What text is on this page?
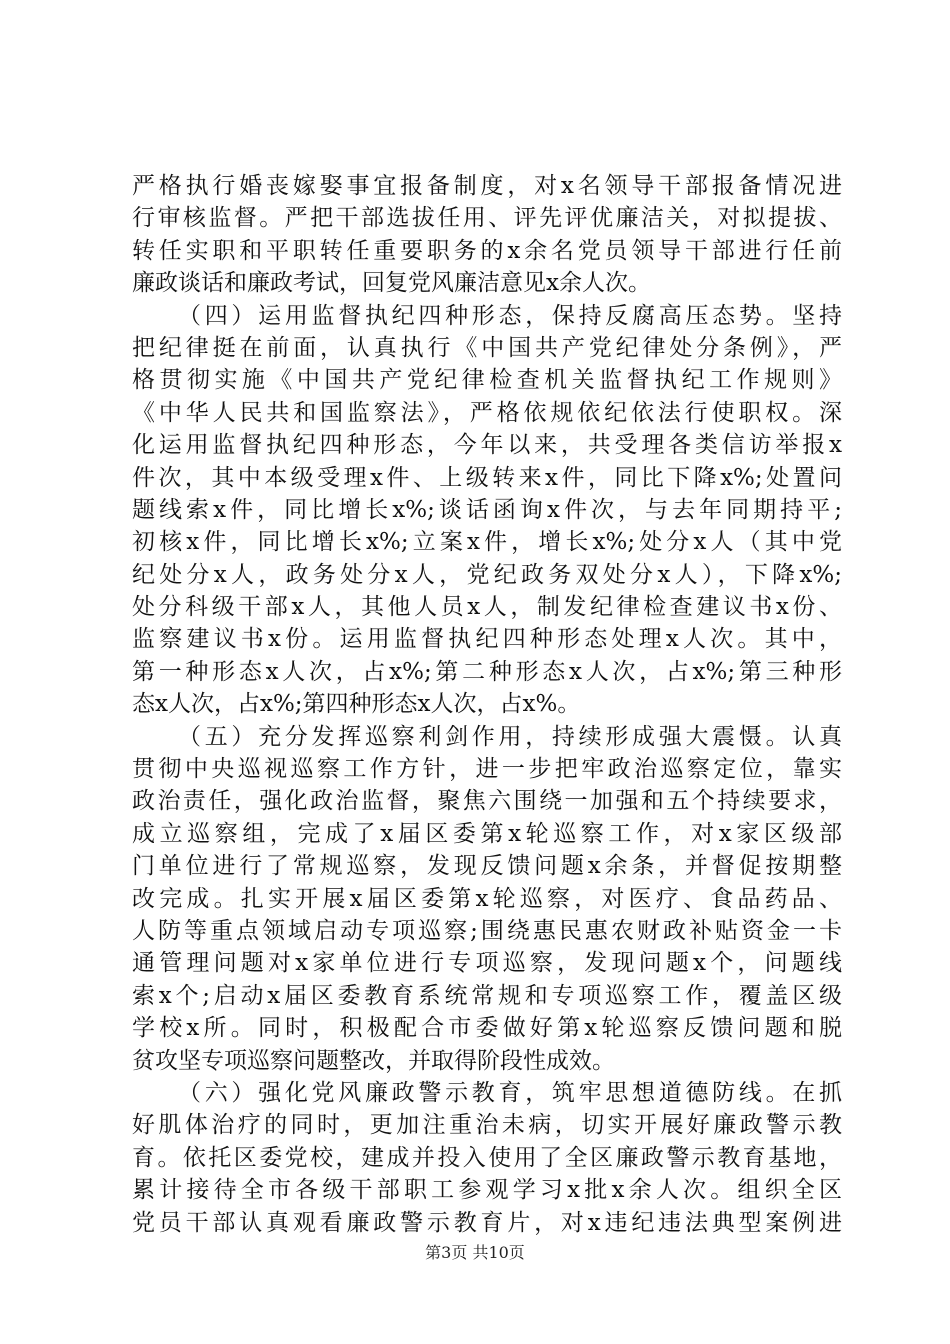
严格执行婚丧嫁娶事宜报备制度，对x名领导干部报备情况进
行审核监督。严把干部选拔任用、评先评优廉洁关，对拟提拔、
转任实职和平职转任重要职务的x余名党员领导干部进行任前
廉政谈话和廉政考试，回复党风廉洁意见x余人次。
（四）运用监督执纪四种形态，保持反腐高压态势。坚持
把纪律挺在前面，认真执行《中国共产党纪律处分条例》，严
格贯彻实施《中国共产党纪律检查机关监督执纪工作规则》
《中华人民共和国监察法》，严格依规依纪依法行使职权。深
化运用监督执纪四种形态，今年以来，共受理各类信访举报x
件次，其中本级受理x件、上级转来x件，同比下降x%;处置问
题线索x件，同比增长x%;谈话函询x件次，与去年同期持平;
初核x件，同比增长x%;立案x件，增长x%;处分x人（其中党
纪处分x人，政务处分x人，党纪政务双处分x人），下降x%;
处分科级干部x人，其他人员x人，制发纪律检查建议书x份、
监察建议书x份。运用监督执纪四种形态处理x人次。其中，
第一种形态x人次，占x%;第二种形态x人次，占x%;第三种形
态x人次，占x%;第四种形态x人次，占x%。
（五）充分发挥巡察利剑作用，持续形成强大震慑。认真
贯彻中央巡视巡察工作方针，进一步把牢政治巡察定位，靠实
政治责任，强化政治监督，聚焦六围绕一加强和五个持续要求，
成立巡察组，完成了x届区委第x轮巡察工作，对x家区级部
门单位进行了常规巡察，发现反馈问题x余条，并督促按期整
改完成。扎实开展x届区委第x轮巡察，对医疗、食品药品、
人防等重点领域启动专项巡察;围绕惠民惠农财政补贴资金一卡
通管理问题对x家单位进行专项巡察，发现问题x个，问题线
索x个;启动x届区委教育系统常规和专项巡察工作，覆盖区级
学校x所。同时，积极配合市委做好第x轮巡察反馈问题和脱
贫攻坚专项巡察问题整改，并取得阶段性成效。
（六）强化党风廉政警示教育，筑牢思想道德防线。在抓
好肌体治疗的同时，更加注重治未病，切实开展好廉政警示教
育。依托区委党校，建成并投入使用了全区廉政警示教育基地，
累计接待全市各级干部职工参观学习x批x余人次。组织全区
党员干部认真观看廉政警示教育片，对x违纪违法典型案例进
第3页 共10页
